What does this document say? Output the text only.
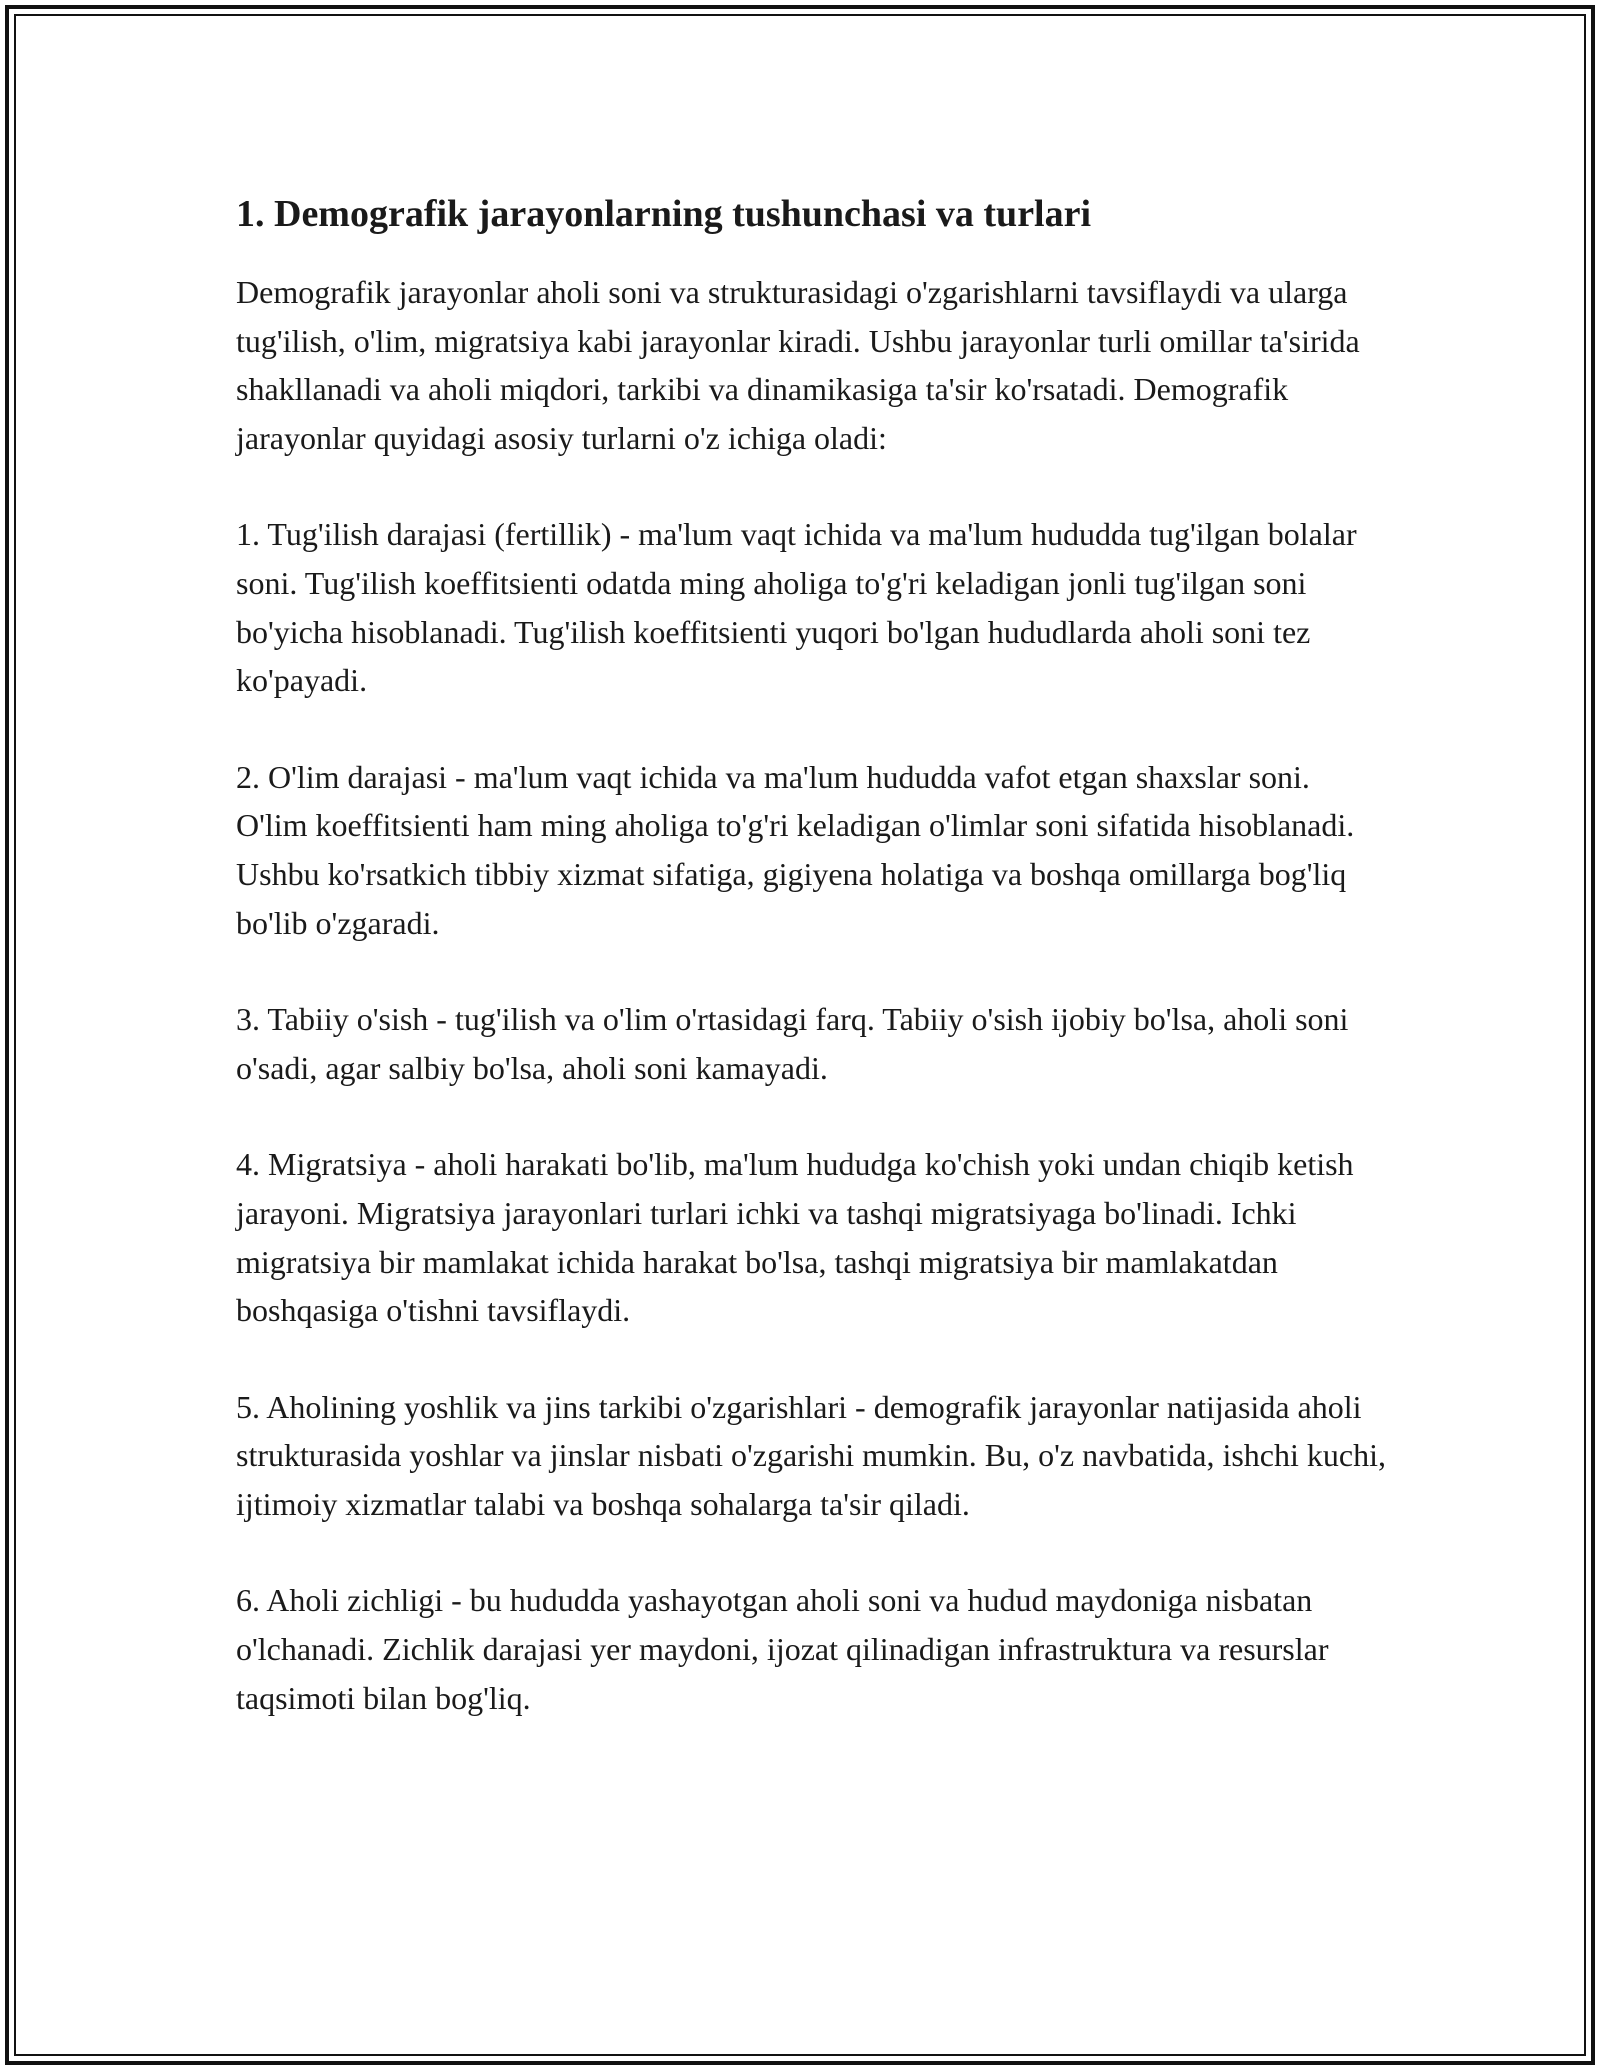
1. Demografik jarayonlarning tushunchasi va turlari

Demografik jarayonlar aholi soni va strukturasidagi o'zgarishlarni tavsiflaydi va ularga tug'ilish, o'lim, migratsiya kabi jarayonlar kiradi. Ushbu jarayonlar turli omillar ta'sirida shakllanadi va aholi miqdori, tarkibi va dinamikasiga ta'sir ko'rsatadi. Demografik jarayonlar quyidagi asosiy turlarni o'z ichiga oladi:

1. Tug'ilish darajasi (fertillik) - ma'lum vaqt ichida va ma'lum hududda tug'ilgan bolalar soni. Tug'ilish koeffitsienti odatda ming aholiga to'g'ri keladigan jonli tug'ilgan soni bo'yicha hisoblanadi. Tug'ilish koeffitsienti yuqori bo'lgan hududlarda aholi soni tez ko'payadi.

2. O'lim darajasi - ma'lum vaqt ichida va ma'lum hududda vafot etgan shaxslar soni. O'lim koeffitsienti ham ming aholiga to'g'ri keladigan o'limlar soni sifatida hisoblanadi. Ushbu ko'rsatkich tibbiy xizmat sifatiga, gigiyena holatiga va boshqa omillarga bog'liq bo'lib o'zgaradi.

3. Tabiiy o'sish - tug'ilish va o'lim o'rtasidagi farq. Tabiiy o'sish ijobiy bo'lsa, aholi soni o'sadi, agar salbiy bo'lsa, aholi soni kamayadi.

4. Migratsiya - aholi harakati bo'lib, ma'lum hududga ko'chish yoki undan chiqib ketish jarayoni. Migratsiya jarayonlari turlari ichki va tashqi migratsiyaga bo'linadi. Ichki migratsiya bir mamlakat ichida harakat bo'lsa, tashqi migratsiya bir mamlakatdan boshqasiga o'tishni tavsiflaydi.

5. Aholining yoshlik va jins tarkibi o'zgarishlari - demografik jarayonlar natijasida aholi strukturasida yoshlar va jinslar nisbati o'zgarishi mumkin. Bu, o'z navbatida, ishchi kuchi, ijtimoiy xizmatlar talabi va boshqa sohalarga ta'sir qiladi.

6. Aholi zichligi - bu hududda yashayotgan aholi soni va hudud maydoniga nisbatan o'lchanadi. Zichlik darajasi yer maydoni, ijozat qilinadigan infrastruktura va resurslar taqsimoti bilan bog'liq.
